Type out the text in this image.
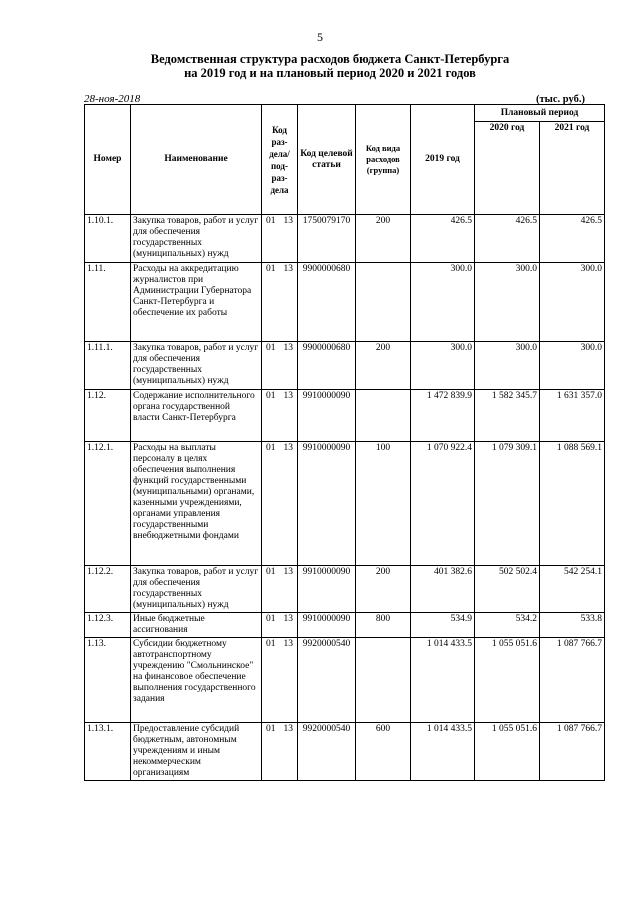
5
Ведомственная структура расходов бюджета Санкт-Петербурга
на 2019 год и на плановый период 2020 и 2021 годов
28-ноя-2018	(тыс. руб.)
Номер	Наименование	Код раз- дела/ под- раз- дела	Код целевой статьи	Код вида расходов (группа)	2019 год	Плановый период	
						2020 год	2021 год
1.10.1.	Закупка товаров, работ и услуг для обеспечения государственных (муниципальных) нужд	01 13	1750079170	200	426.5	426.5	426.5
1.11.	Расходы на аккредитацию журналистов при Администрации Губернатора Санкт-Петербурга и обеспечение их работы	01 13	9900000680		300.0	300.0	300.0
1.11.1.	Закупка товаров, работ и услуг для обеспечения государственных (муниципальных) нужд	01 13	9900000680	200	300.0	300.0	300.0
1.12.	Содержание исполнительного органа государственной власти Санкт-Петербурга	01 13	9910000090		1 472 839.9	1 582 345.7	1 631 357.0
1.12.1.	Расходы на выплаты персоналу в целях обеспечения выполнения функций государственными (муниципальными) органами, казенными учреждениями, органами управления государственными внебюджетными фондами	01 13	9910000090	100	1 070 922.4	1 079 309.1	1 088 569.1
1.12.2.	Закупка товаров, работ и услуг для обеспечения государственных (муниципальных) нужд	01 13	9910000090	200	401 382.6	502 502.4	542 254.1
1.12.3.	Иные бюджетные ассигнования	01 13	9910000090	800	534.9	534.2	533.8
1.13.	Субсидии бюджетному автотранспортному учреждению "Смольнинское" на финансовое обеспечение выполнения государственного задания	01 13	9920000540		1 014 433.5	1 055 051.6	1 087 766.7
1.13.1.	Предоставление субсидий бюджетным, автономным учреждениям и иным некоммерческим организациям	01 13	9920000540	600	1 014 433.5	1 055 051.6	1 087 766.7
